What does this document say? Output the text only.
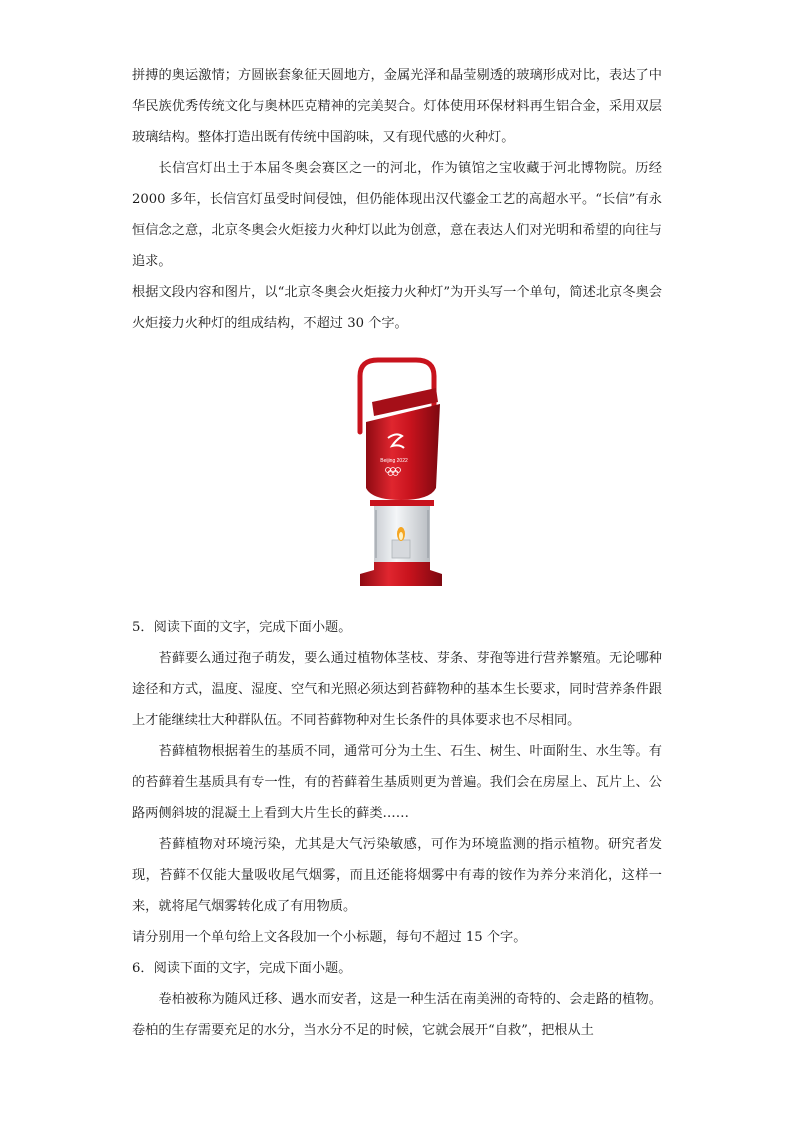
拼搏的奥运激情；方圆嵌套象征天圆地方，金属光泽和晶莹剔透的玻璃形成对比，表达了中华民族优秀传统文化与奥林匹克精神的完美契合。灯体使用环保材料再生铝合金，采用双层玻璃结构。整体打造出既有传统中国韵味，又有现代感的火种灯。

长信宫灯出土于本届冬奥会赛区之一的河北，作为镇馆之宝收藏于河北博物院。历经 2000 多年，长信宫灯虽受时间侵蚀，但仍能体现出汉代鎏金工艺的高超水平。“长信”有永恒信念之意，北京冬奥会火炬接力火种灯以此为创意，意在表达人们对光明和希望的向往与追求。

根据文段内容和图片，以“北京冬奥会火炬接力火种灯”为开头写一个单句，简述北京冬奥会火炬接力火种灯的组成结构，不超过 30 个字。

Beijing 2022

5．阅读下面的文字，完成下面小题。

苔藓要么通过孢子萌发，要么通过植物体茎枝、芽条、芽孢等进行营养繁殖。无论哪种途径和方式，温度、湿度、空气和光照必须达到苔藓物种的基本生长要求，同时营养条件跟上才能继续壮大种群队伍。不同苔藓物种对生长条件的具体要求也不尽相同。

苔藓植物根据着生的基质不同，通常可分为土生、石生、树生、叶面附生、水生等。有的苔藓着生基质具有专一性，有的苔藓着生基质则更为普遍。我们会在房屋上、瓦片上、公路两侧斜坡的混凝土上看到大片生长的藓类……

苔藓植物对环境污染，尤其是大气污染敏感，可作为环境监测的指示植物。研究者发现，苔藓不仅能大量吸收尾气烟雾，而且还能将烟雾中有毒的铵作为养分来消化，这样一来，就将尾气烟雾转化成了有用物质。

请分别用一个单句给上文各段加一个小标题，每句不超过 15 个字。

6．阅读下面的文字，完成下面小题。

卷柏被称为随风迁移、遇水而安者，这是一种生活在南美洲的奇特的、会走路的植物。卷柏的生存需要充足的水分，当水分不足的时候，它就会展开“自救”，把根从土
